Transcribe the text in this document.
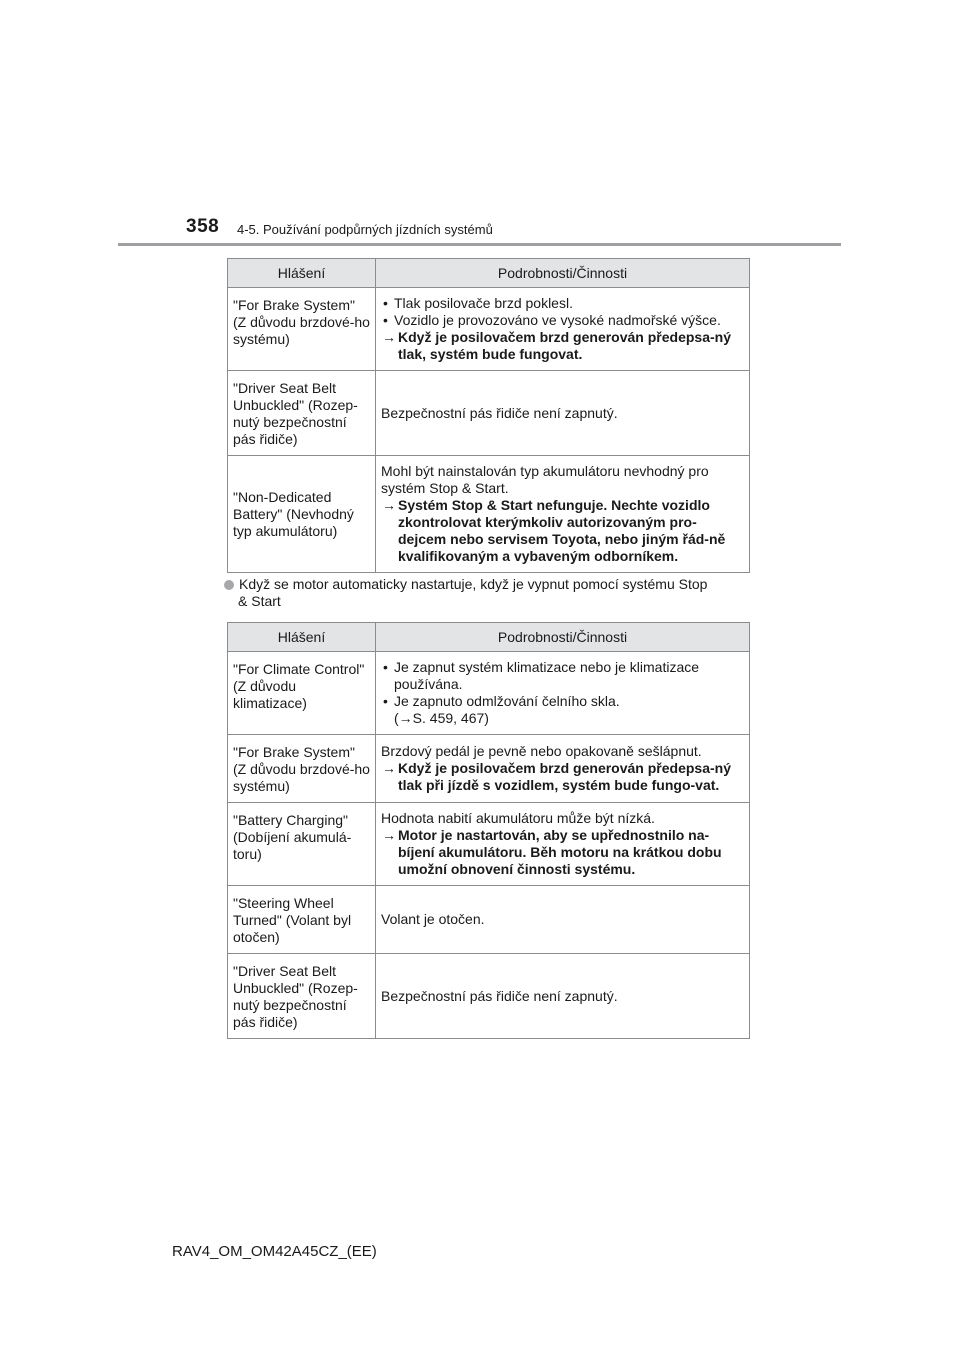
358 4-5. Používání podpůrných jízdních systémů
Hlášení	Podrobnosti/Činnosti
"For Brake System" (Z důvodu brzdové-ho systému)	• Tlak posilovače brzd poklesl.
• Vozidlo je provozováno ve vysoké nadmořské výšce.
→ Když je posilovačem brzd generován předepsa-ný tlak, systém bude fungovat.

"Driver Seat Belt Unbuckled" (Rozep-nutý bezpečnostní pás řidiče)	Bezpečnostní pás řidiče není zapnutý.

"Non-Dedicated Battery" (Nevhodný typ akumulátoru)	Mohl být nainstalován typ akumulátoru nevhodný pro systém Stop & Start.
→ Systém Stop & Start nefunguje. Nechte vozidlo zkontrolovat kterýmkoliv autorizovaným pro-dejcem nebo servisem Toyota, nebo jiným řád-ně kvalifikovaným a vybaveným odborníkem.
Když se motor automaticky nastartuje, když je vypnut pomocí systému Stop
& Start
Hlášení	Podrobnosti/Činnosti
"For Climate Control" (Z důvodu klimatizace)	• Je zapnut systém klimatizace nebo je klimatizace používána.
• Je zapnuto odmlžování čelního skla.
(→S. 459, 467)

"For Brake System" (Z důvodu brzdové-ho systému)	Brzdový pedál je pevně nebo opakovaně sešlápnut.
→ Když je posilovačem brzd generován předepsa-ný tlak při jízdě s vozidlem, systém bude fungo-vat.

"Battery Charging" (Dobíjení akumulá-toru)	Hodnota nabití akumulátoru může být nízká.
→ Motor je nastartován, aby se upřednostnilo na-bíjení akumulátoru. Běh motoru na krátkou dobu umožní obnovení činnosti systému.

"Steering Wheel Turned" (Volant byl otočen)	Volant je otočen.

"Driver Seat Belt Unbuckled" (Rozep-nutý bezpečnostní pás řidiče)	Bezpečnostní pás řidiče není zapnutý.
RAV4_OM_OM42A45CZ_(EE)
